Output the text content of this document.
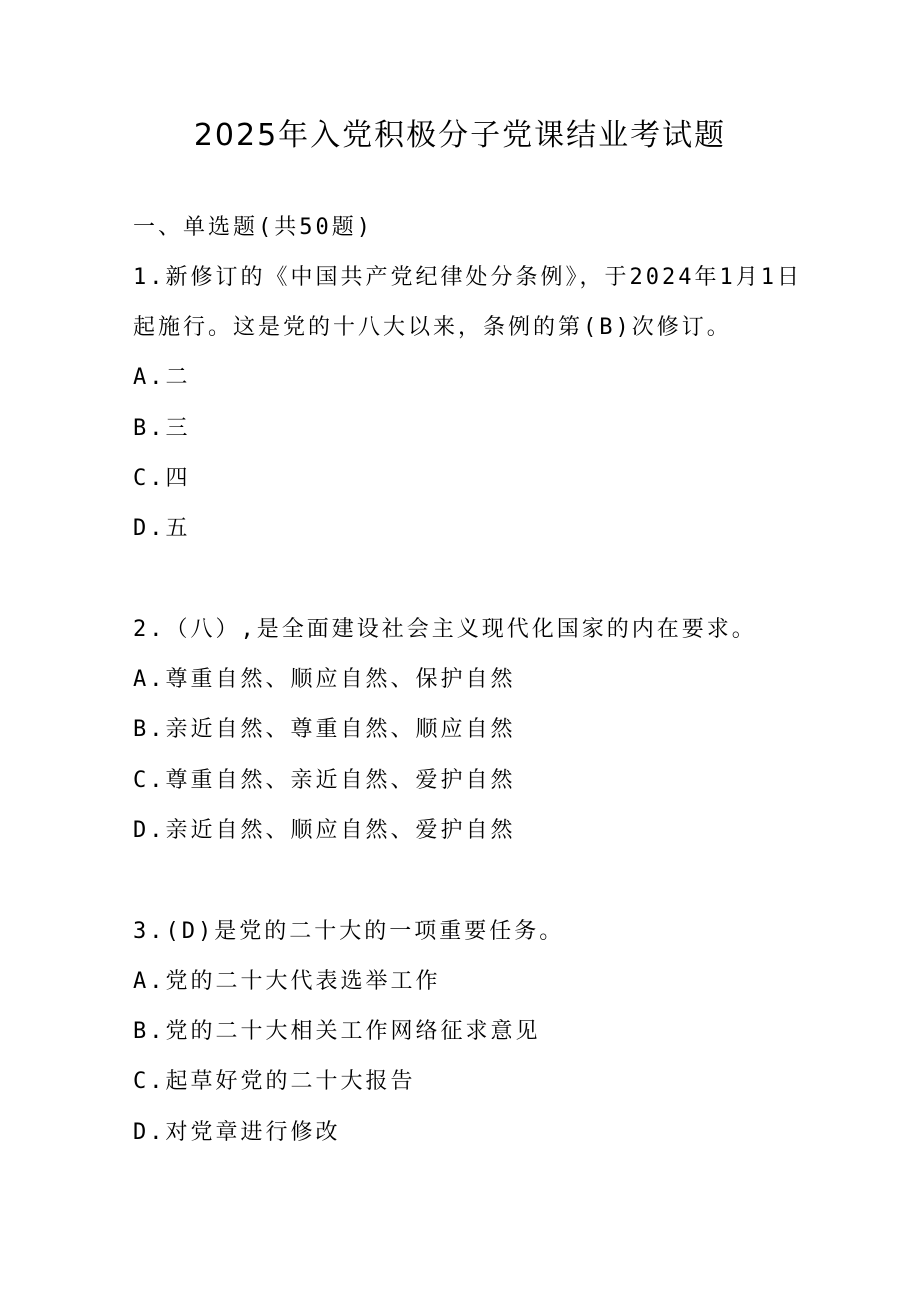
2025年入党积极分子党课结业考试题

一、单选题(共50题)

1.新修订的《中国共产党纪律处分条例》，于2024年1月1日

起施行。这是党的十八大以来，条例的第(B)次修订。

A.二

B.三

C.四

D.五

2.（八）,是全面建设社会主义现代化国家的内在要求。

A.尊重自然、顺应自然、保护自然

B.亲近自然、尊重自然、顺应自然

C.尊重自然、亲近自然、爱护自然

D.亲近自然、顺应自然、爱护自然

3.(D)是党的二十大的一项重要任务。

A.党的二十大代表选举工作

B.党的二十大相关工作网络征求意见

C.起草好党的二十大报告

D.对党章进行修改
